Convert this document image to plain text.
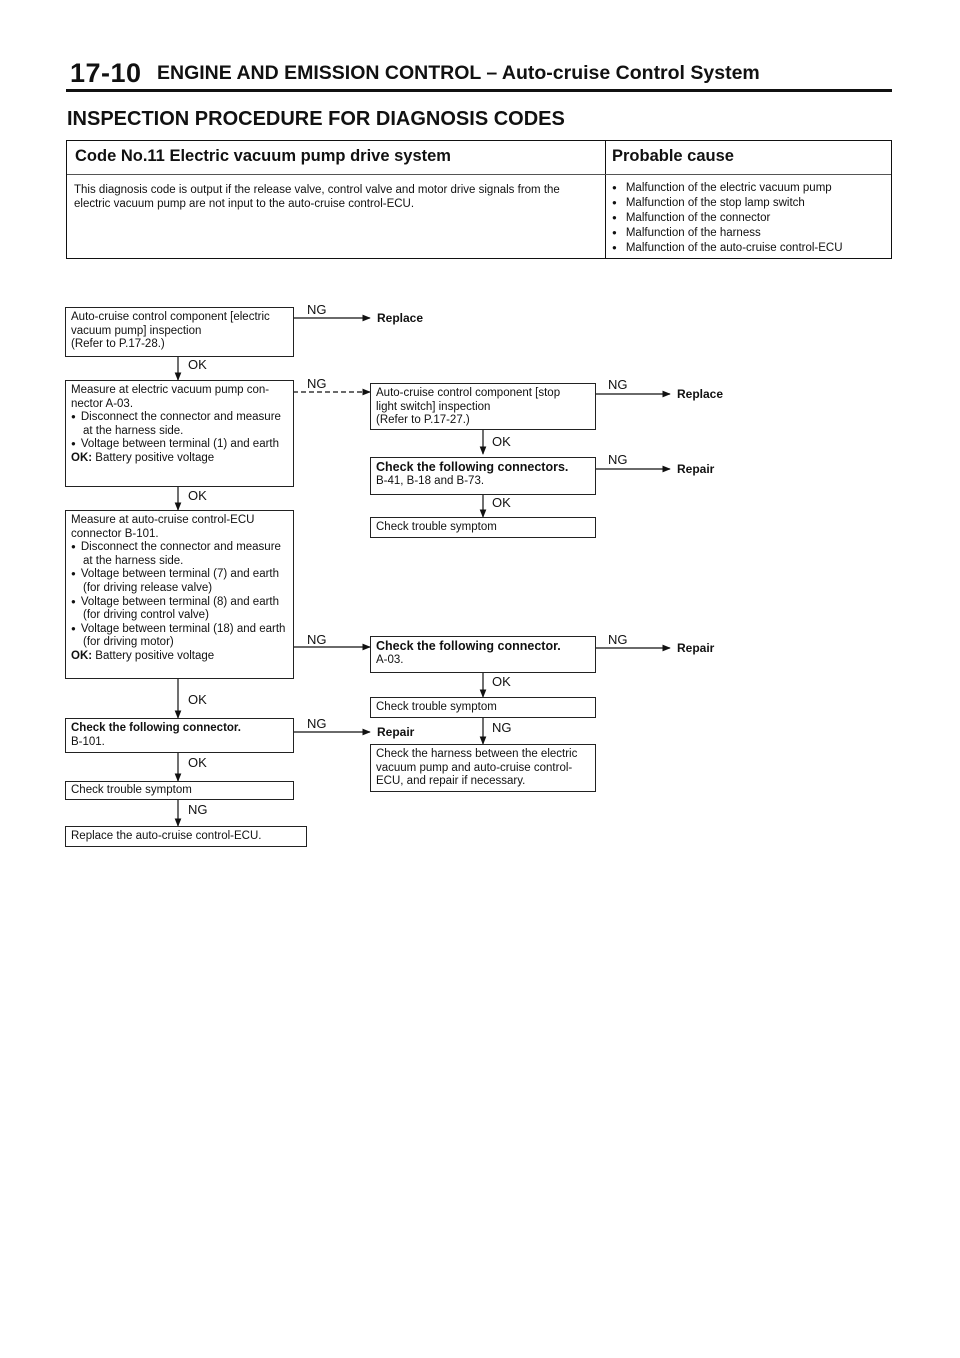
17-10 ENGINE AND EMISSION CONTROL – Auto-cruise Control System
INSPECTION PROCEDURE FOR DIAGNOSIS CODES
Code No.11 Electric vacuum pump drive system	Probable cause
This diagnosis code is output if the release valve, control valve and motor drive signals from the electric vacuum pump are not input to the auto-cruise control-ECU.
● Malfunction of the electric vacuum pump
● Malfunction of the stop lamp switch
● Malfunction of the connector
● Malfunction of the harness
● Malfunction of the auto-cruise control-ECU
Auto-cruise control component [electric
vacuum pump] inspection
(Refer to P.17-28.)
Measure at electric vacuum pump con-
nector A-03.
● Disconnect the connector and measure at the harness side.
● Voltage between terminal (1) and earth
OK: Battery positive voltage
Measure at auto-cruise control-ECU
connector B-101.
● Disconnect the connector and measure at the harness side.
● Voltage between terminal (7) and earth (for driving release valve)
● Voltage between terminal (8) and earth (for driving control valve)
● Voltage between terminal (18) and earth (for driving motor)
OK: Battery positive voltage
Check the following connector.
B-101.
Check trouble symptom
Replace the auto-cruise control-ECU.
Auto-cruise control component [stop
light switch] inspection
(Refer to P.17-27.)
Check the following connectors.
B-41, B-18 and B-73.
Check trouble symptom
Check the following connector.
A-03.
Check trouble symptom
Check the harness between the electric vacuum pump and auto-cruise control-ECU, and repair if necessary.
Replace
Replace
Repair
Repair
Repair
OK
OK
OK
OK
NG
OK
OK
OK
NG
NG
NG
NG
NG
NG
NG
NG
